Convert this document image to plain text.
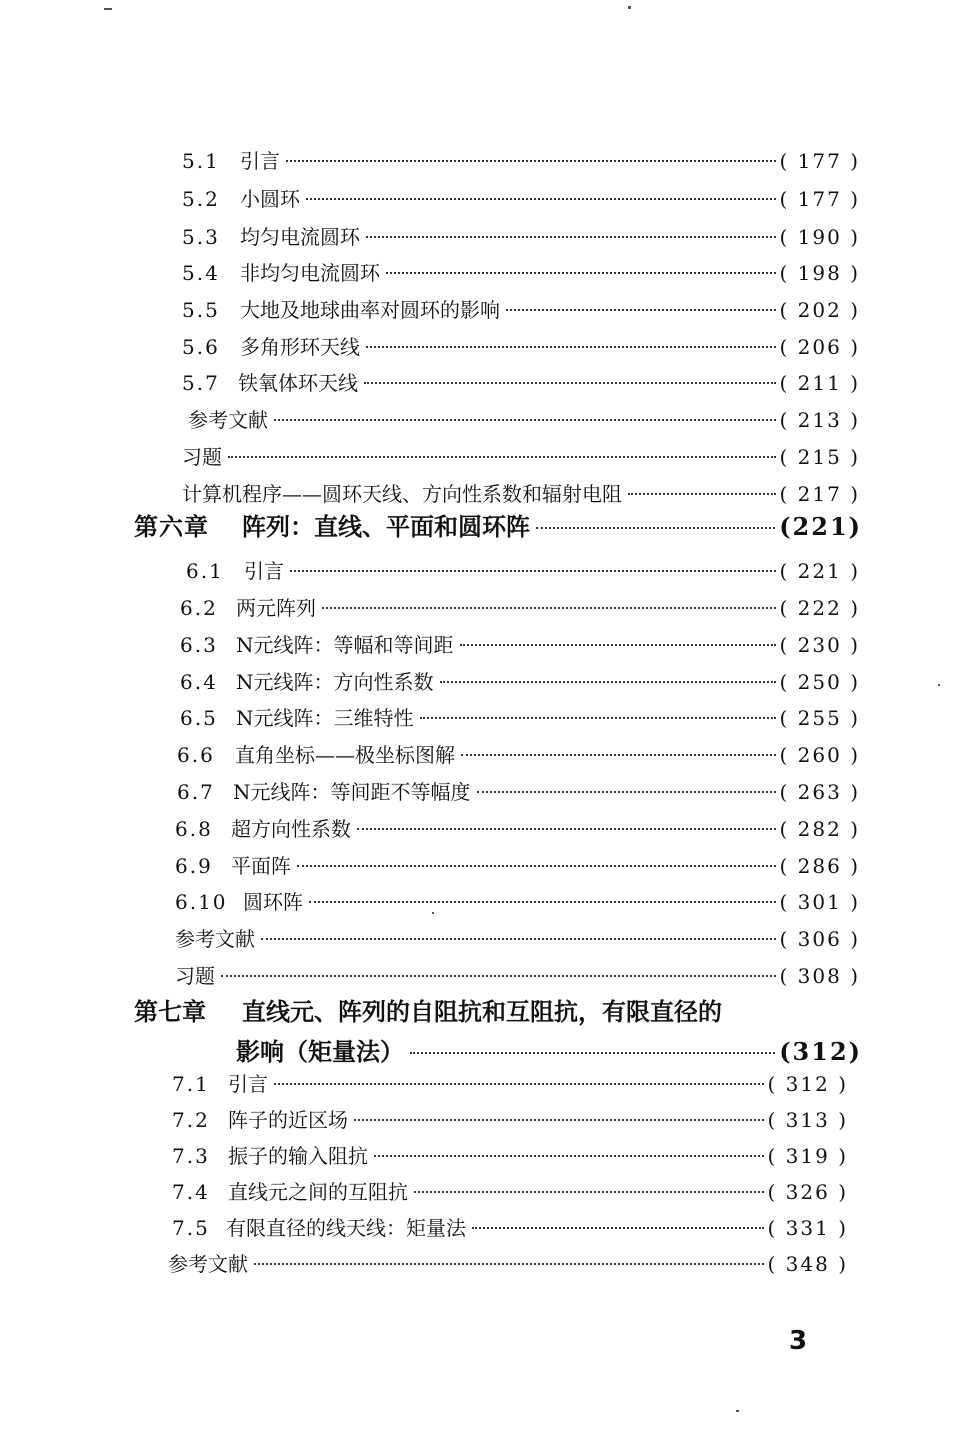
5.1	引言	( 177 )
5.2	小圆环	( 177 )
5.3	均匀电流圆环	( 190 )
5.4	非均匀电流圆环	( 198 )
5.5	大地及地球曲率对圆环的影响	( 202 )
5.6	多角形环天线	( 206 )
5.7 铁氧体环天线	( 211 )
参考文献	( 213 )
习题	( 215 )
计算机程序——圆环天线、方向性系数和辐射电阻	( 217 )
第六章	阵列：直线、平面和圆环阵	(221)
6.1	引言	( 221 )
6.2 两元阵列	( 222 )
6.3 N元线阵：等幅和等间距	( 230 )
6.4 N元线阵：方向性系数	( 250 )
6.5 N元线阵：三维特性	( 255 )
6.6	直角坐标——极坐标图解	( 260 )
6.7 N元线阵：等间距不等幅度	( 263 )
6.8 超方向性系数	( 282 )
6.9 平面阵	( 286 )
6.10 圆环阵	( 301 )
参考文献	( 306 )
习题	( 308 )
第七章 直线元、阵列的自阻抗和互阻抗，有限直径的
影响（矩量法）	(312)
7.1 引言	( 312 )
7.2 阵子的近区场	( 313 )
7.3 振子的输入阻抗	( 319 )
7.4 直线元之间的互阻抗	( 326 )
7.5 有限直径的线天线：矩量法	( 331 )
参考文献	( 348 )
3
